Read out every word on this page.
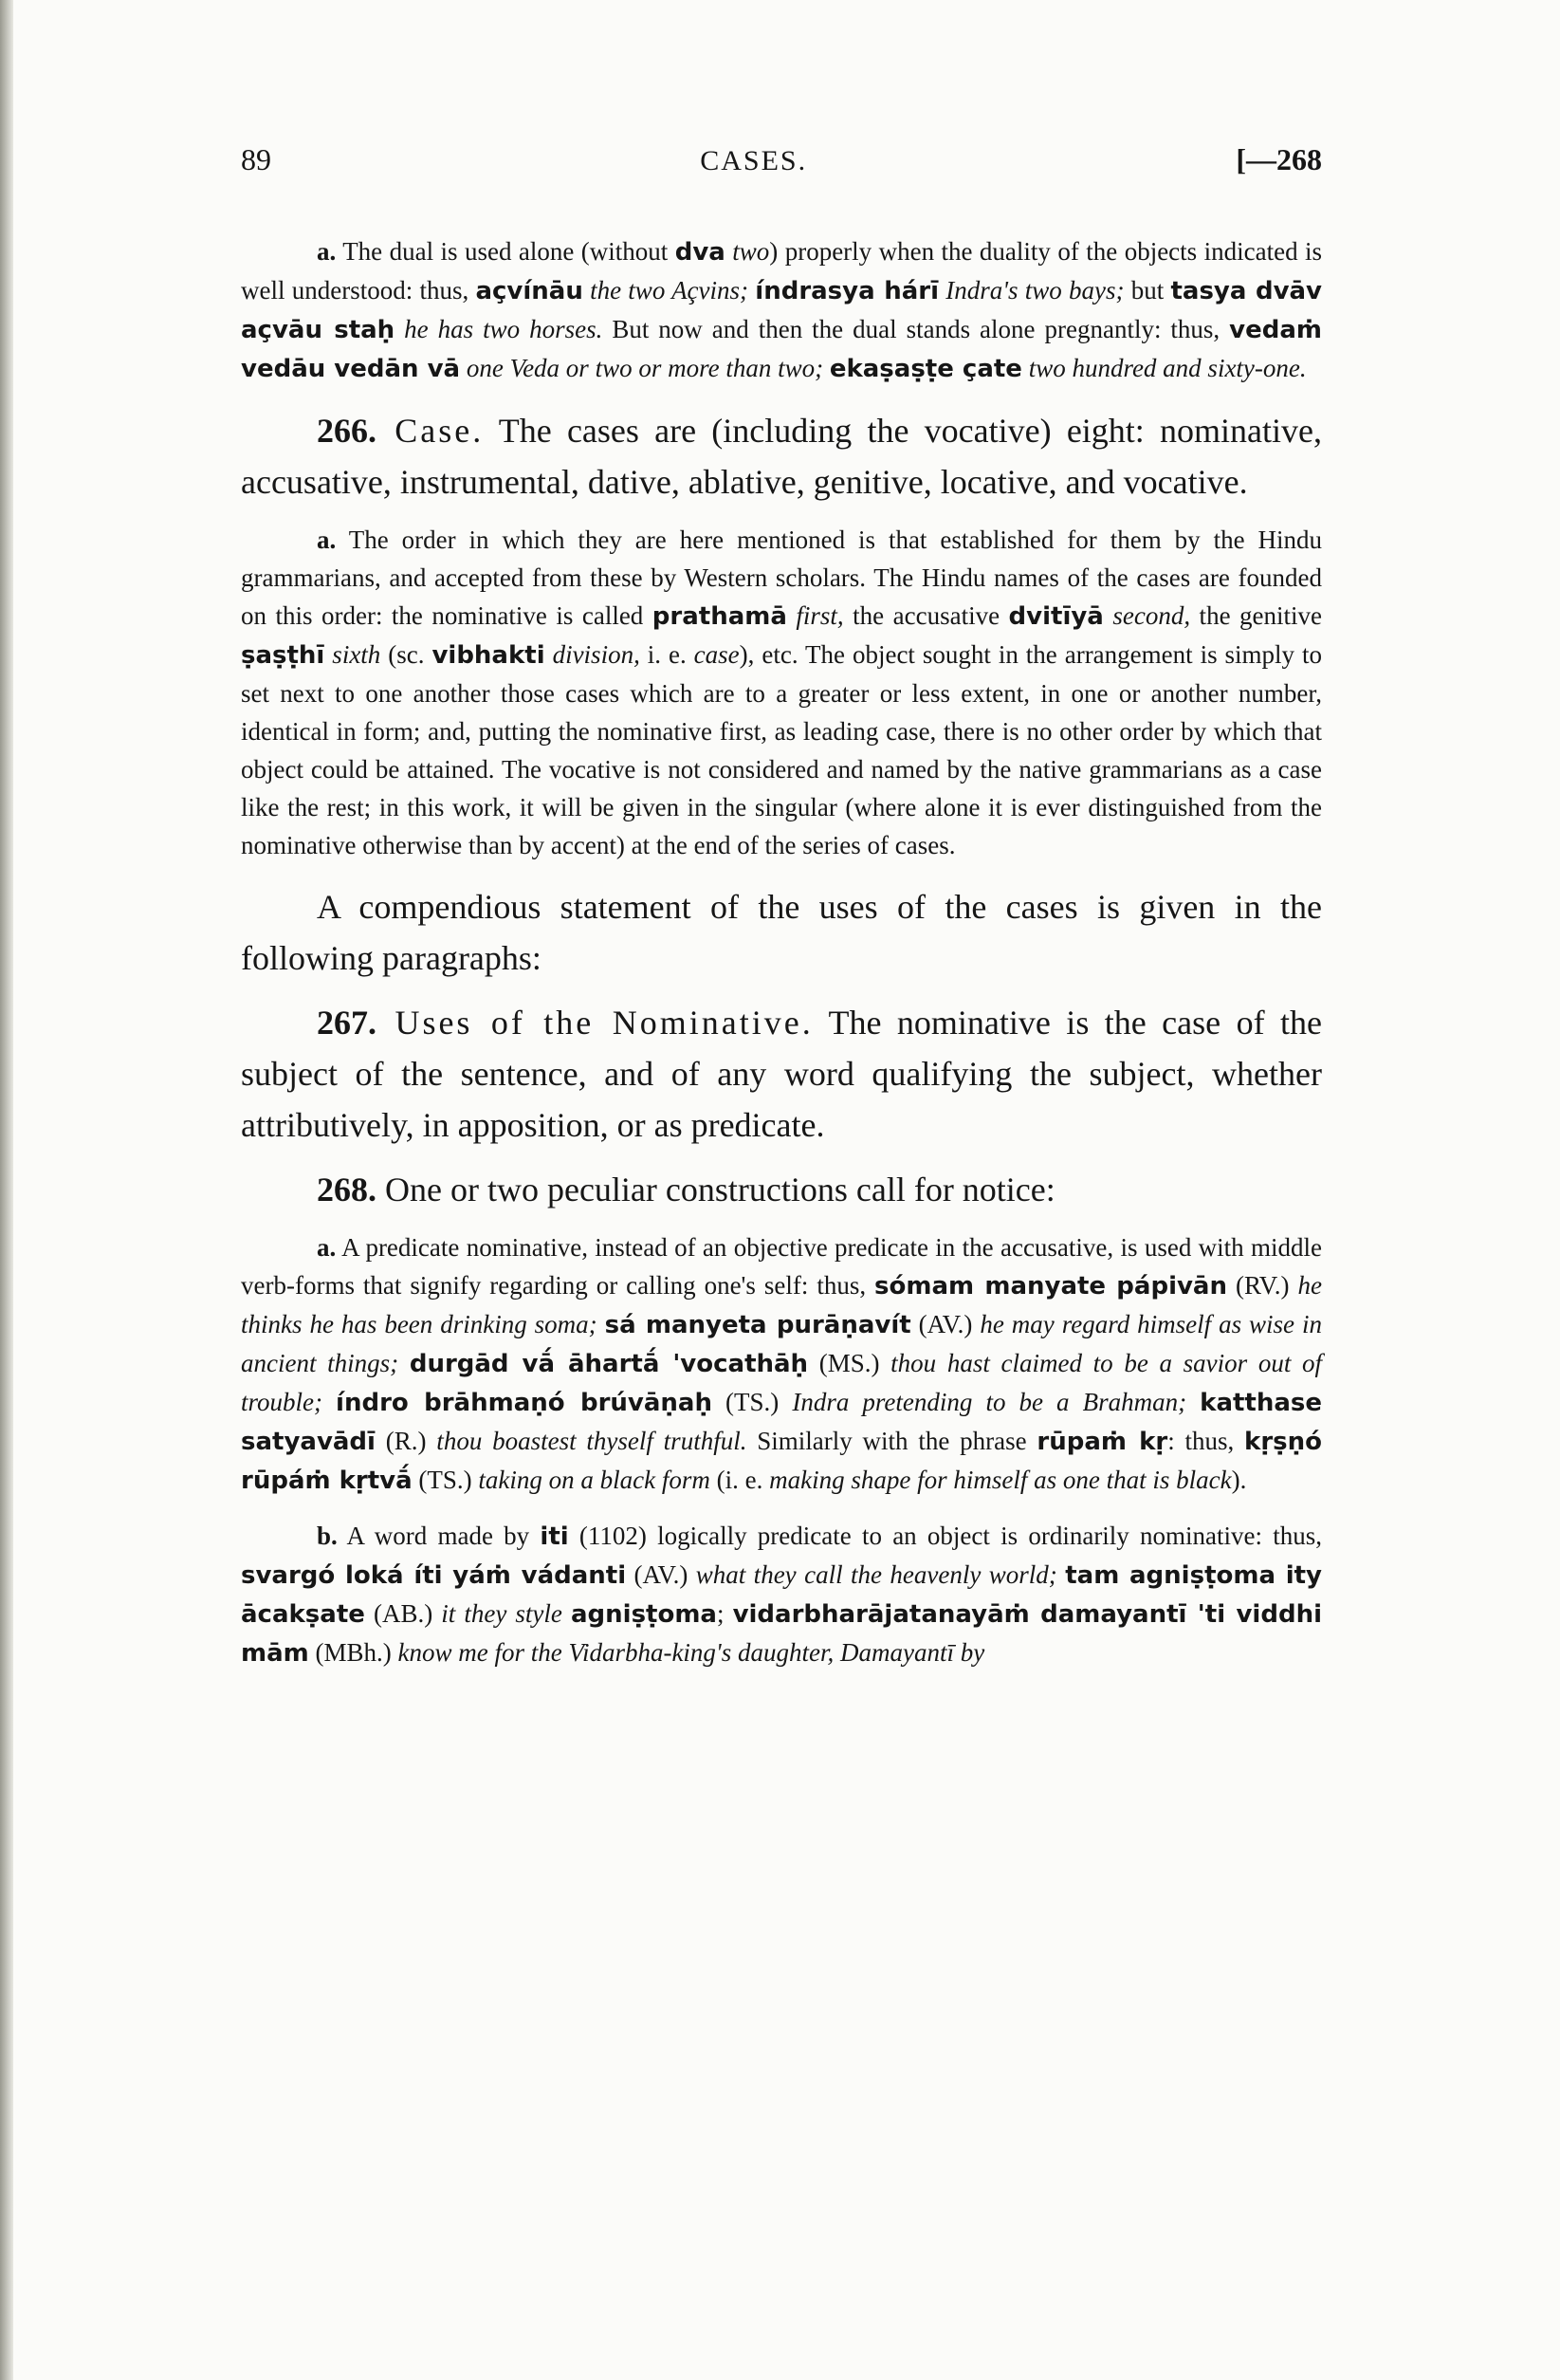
89	CASES.	[—268

a. The dual is used alone (without dva two) properly when the duality of the objects indicated is well understood: thus, açvínāu the two Açvins; índrasya hárī Indra's two bays; but tasya dvāv açvāu staḥ he has two horses. But now and then the dual stands alone pregnantly: thus, vedaṁ vedāu vedān vā one Veda or two or more than two; ekaṣaṣṭe çate two hundred and sixty-one.

266. Case. The cases are (including the vocative) eight: nominative, accusative, instrumental, dative, ablative, genitive, locative, and vocative.

a. The order in which they are here mentioned is that established for them by the Hindu grammarians, and accepted from these by Western scholars. The Hindu names of the cases are founded on this order: the nominative is called prathamā first, the accusative dvitīyā second, the genitive ṣaṣṭhī sixth (sc. vibhakti division, i. e. case), etc. The object sought in the arrangement is simply to set next to one another those cases which are to a greater or less extent, in one or another number, identical in form; and, putting the nominative first, as leading case, there is no other order by which that object could be attained. The vocative is not considered and named by the native grammarians as a case like the rest; in this work, it will be given in the singular (where alone it is ever distinguished from the nominative otherwise than by accent) at the end of the series of cases.

A compendious statement of the uses of the cases is given in the following paragraphs:

267. Uses of the Nominative. The nominative is the case of the subject of the sentence, and of any word qualifying the subject, whether attributively, in apposition, or as predicate.

268. One or two peculiar constructions call for notice:

a. A predicate nominative, instead of an objective predicate in the accusative, is used with middle verb-forms that signify regarding or calling one's self: thus, sómam manyate pápivān (RV.) he thinks he has been drinking soma; sá manyeta purāṇavít (AV.) he may regard himself as wise in ancient things; durgād vā́ āhartā́ 'vocathāḥ (MS.) thou hast claimed to be a savior out of trouble; índro brāhmaṇó brúvāṇaḥ (TS.) Indra pretending to be a Brahman; katthase satyavādī (R.) thou boastest thyself truthful. Similarly with the phrase rūpaṁ kṛ: thus, kṛṣṇó rūpáṁ kṛtvā́ (TS.) taking on a black form (i. e. making shape for himself as one that is black).

b. A word made by iti (1102) logically predicate to an object is ordinarily nominative: thus, svargó loká íti yáṁ vádanti (AV.) what they call the heavenly world; tam agniṣṭoma ity ācakṣate (AB.) it they style agniṣṭoma; vidarbharājatanayāṁ damayantī 'ti viddhi mām (MBh.) know me for the Vidarbha-king's daughter, Damayantī by
